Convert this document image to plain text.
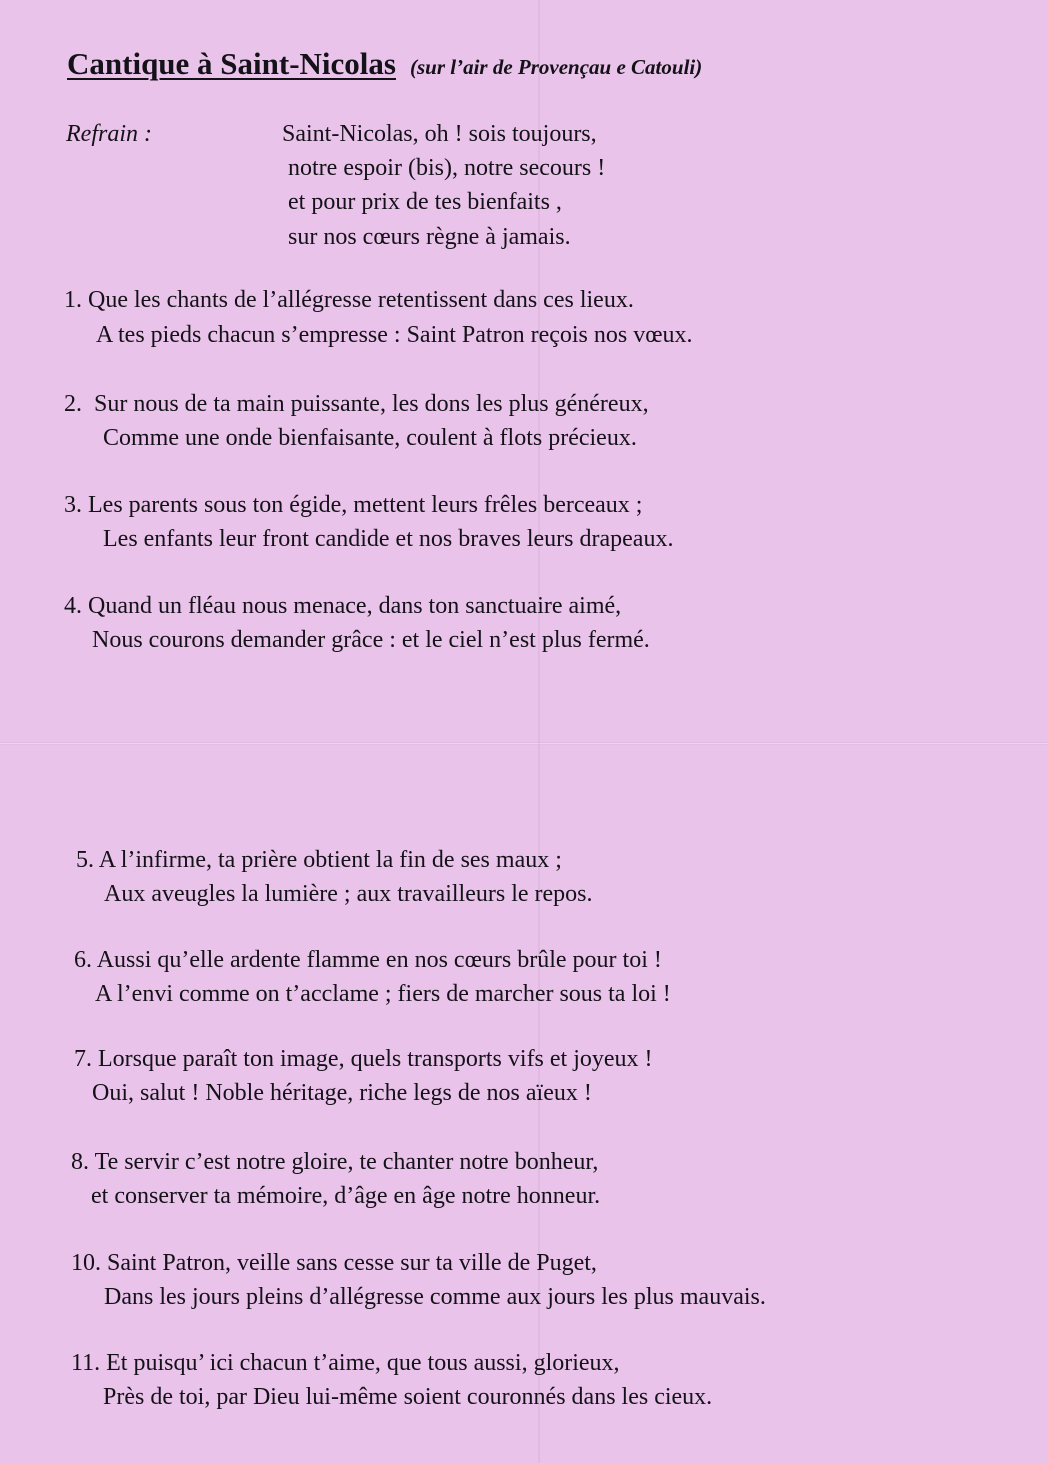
Cantique à Saint-Nicolas (sur l’air de Provençau e Catouli)
Refrain :	Saint-Nicolas, oh ! sois toujours,
notre espoir (bis), notre secours !
et pour prix de tes bienfaits ,
sur nos cœurs règne à jamais.
1. Que les chants de l’allégresse retentissent dans ces lieux.
A tes pieds chacun s’empresse : Saint Patron reçois nos vœux.
2. Sur nous de ta main puissante, les dons les plus généreux,
Comme une onde bienfaisante, coulent à flots précieux.
3. Les parents sous ton égide, mettent leurs frêles berceaux ;
Les enfants leur front candide et nos braves leurs drapeaux.
4. Quand un fléau nous menace, dans ton sanctuaire aimé,
Nous courons demander grâce : et le ciel n’est plus fermé.
5. A l’infirme, ta prière obtient la fin de ses maux ;
Aux aveugles la lumière ; aux travailleurs le repos.
6. Aussi qu’elle ardente flamme en nos cœurs brûle pour toi !
A l’envi comme on t’acclame ; fiers de marcher sous ta loi !
7. Lorsque paraît ton image, quels transports vifs et joyeux !
Oui, salut ! Noble héritage, riche legs de nos aïeux !
8. Te servir c’est notre gloire, te chanter notre bonheur,
et conserver ta mémoire, d’âge en âge notre honneur.
10. Saint Patron, veille sans cesse sur ta ville de Puget,
Dans les jours pleins d’allégresse comme aux jours les plus mauvais.
11. Et puisqu’ ici chacun t’aime, que tous aussi, glorieux,
Près de toi, par Dieu lui-même soient couronnés dans les cieux.
